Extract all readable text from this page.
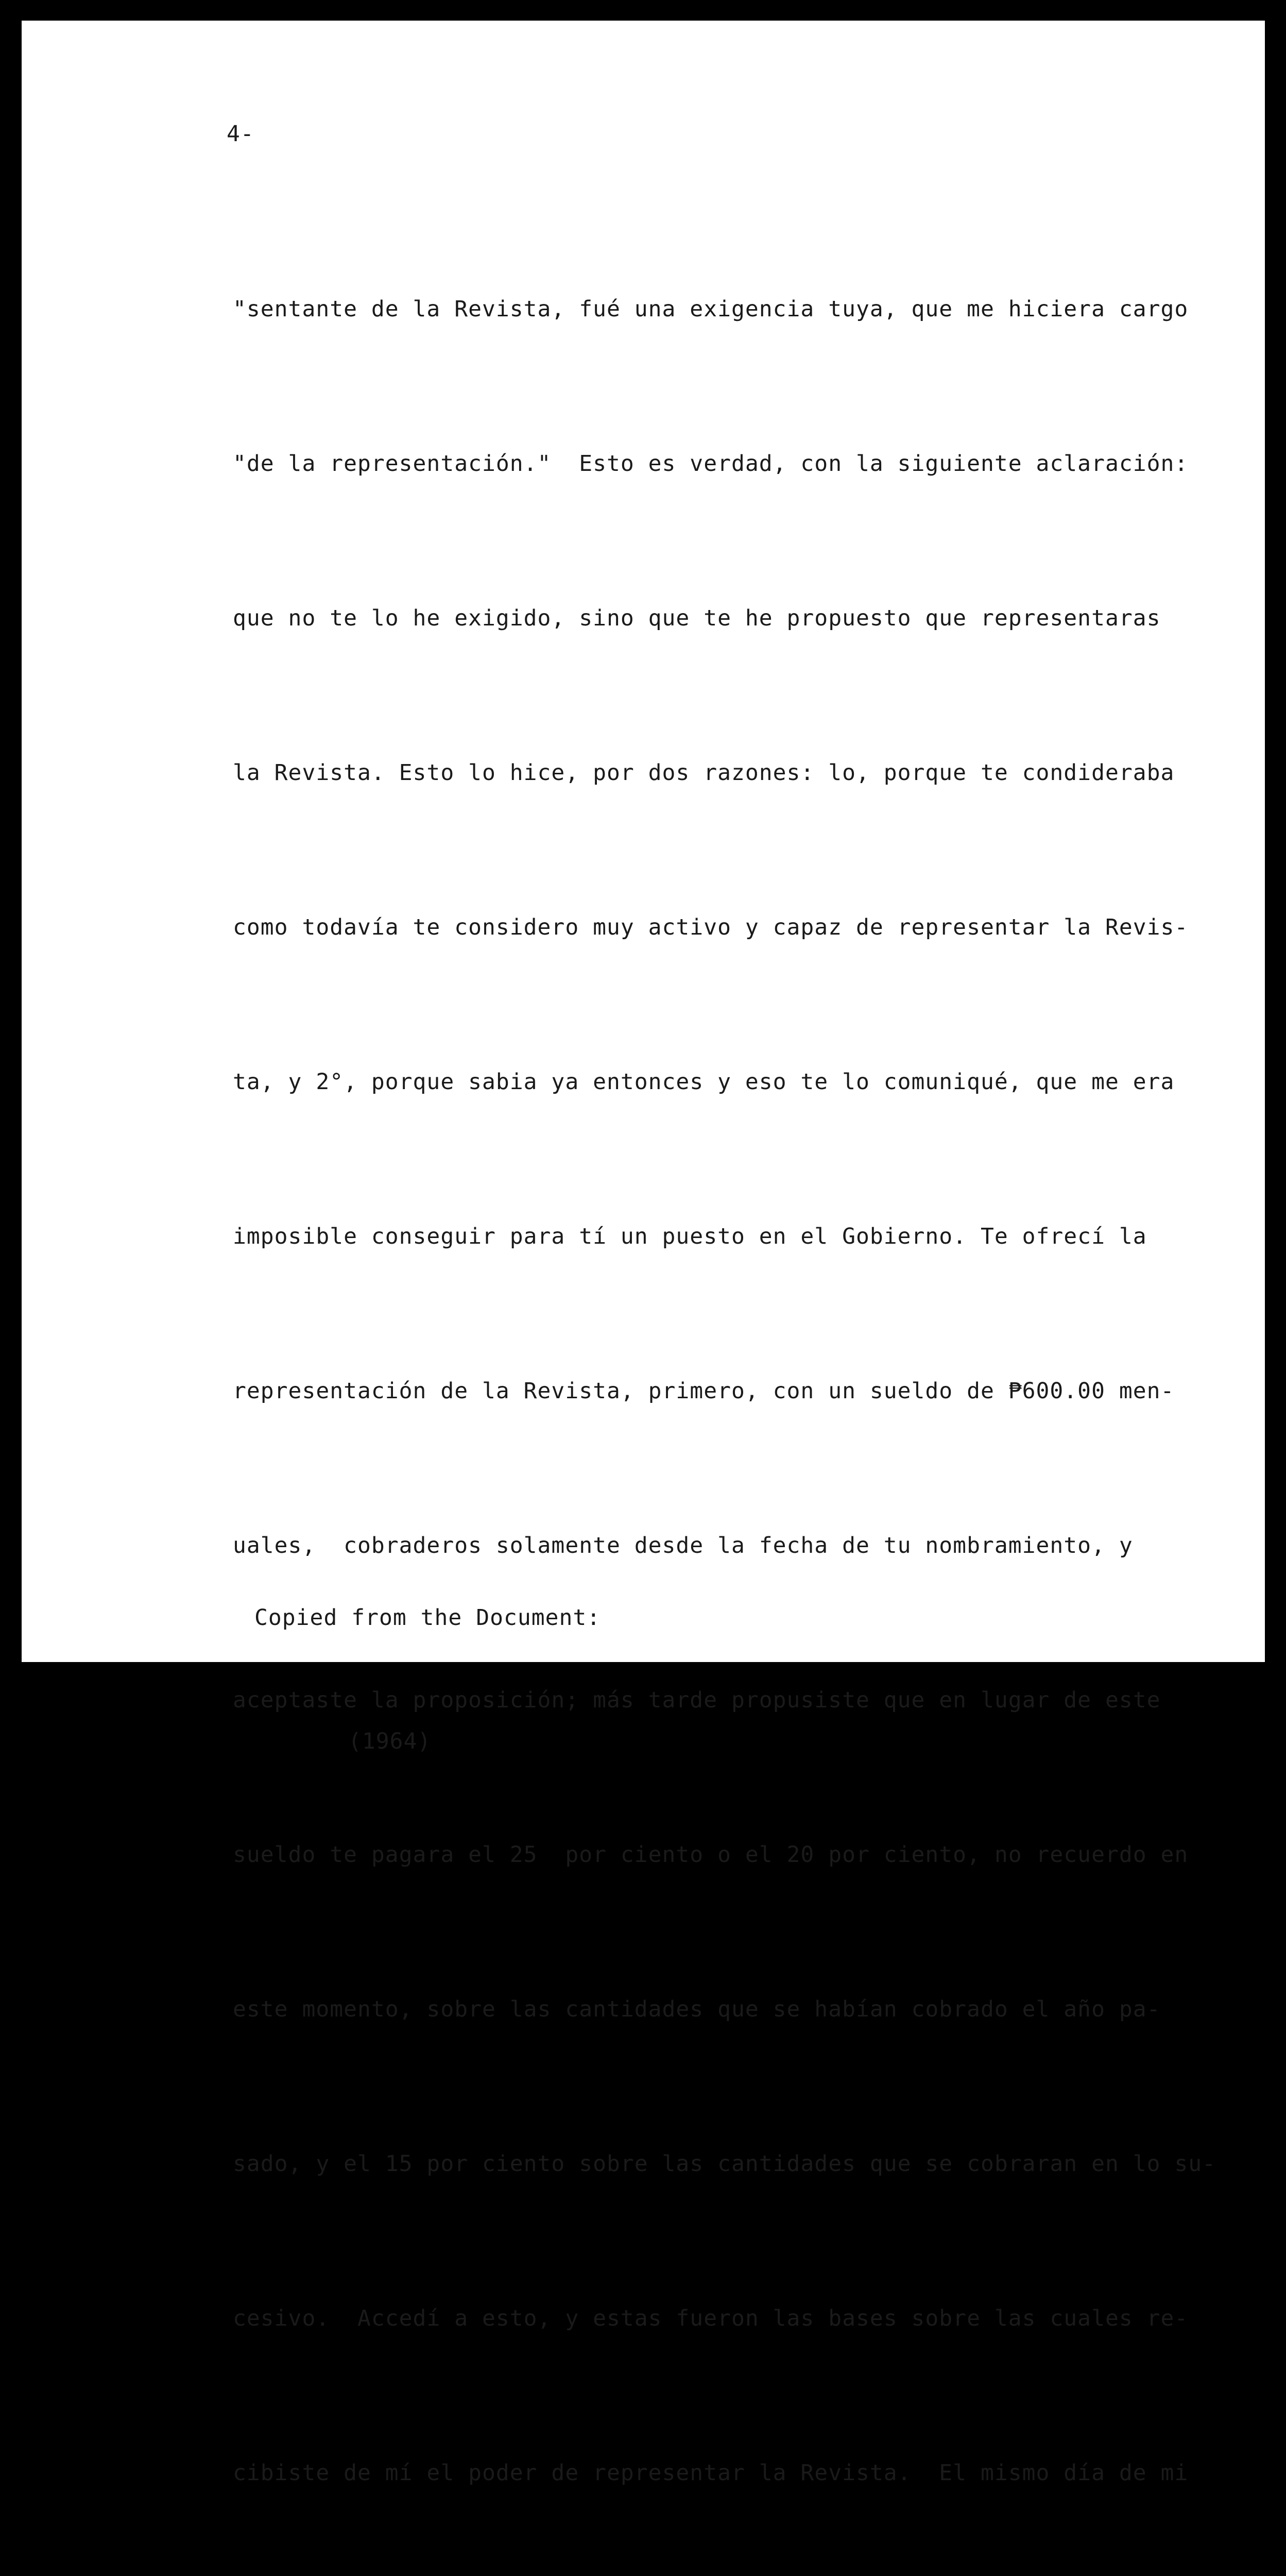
4-

"sentante de la Revista, fué una exigencia tuya, que me hiciera cargo

"de la representación."  Esto es verdad, con la siguiente aclaración:

que no te lo he exigido, sino que te he propuesto que representaras

la Revista. Esto lo hice, por dos razones: lo, porque te condideraba

como todavía te considero muy activo y capaz de representar la Revis-

ta, y 2°, porque sabia ya entonces y eso te lo comuniqué, que me era

imposible conseguir para tí un puesto en el Gobierno. Te ofrecí la

representación de la Revista, primero, con un sueldo de ₱600.00 men-

uales,  cobraderos solamente desde la fecha de tu nombramiento, y

aceptaste la proposición; más tarde propusiste que en lugar de este

sueldo te pagara el 25  por ciento o el 20 por ciento, no recuerdo en

este momento, sobre las cantidades que se habían cobrado el año pa-

sado, y el 15 por ciento sobre las cantidades que se cobraran en lo su-

cesivo.  Accedí a esto, y estas fueron las bases sobre las cuales re-

cibiste de mí el poder de representar la Revista.  El mismo día de mi

Copied from the Document:

(1964)
